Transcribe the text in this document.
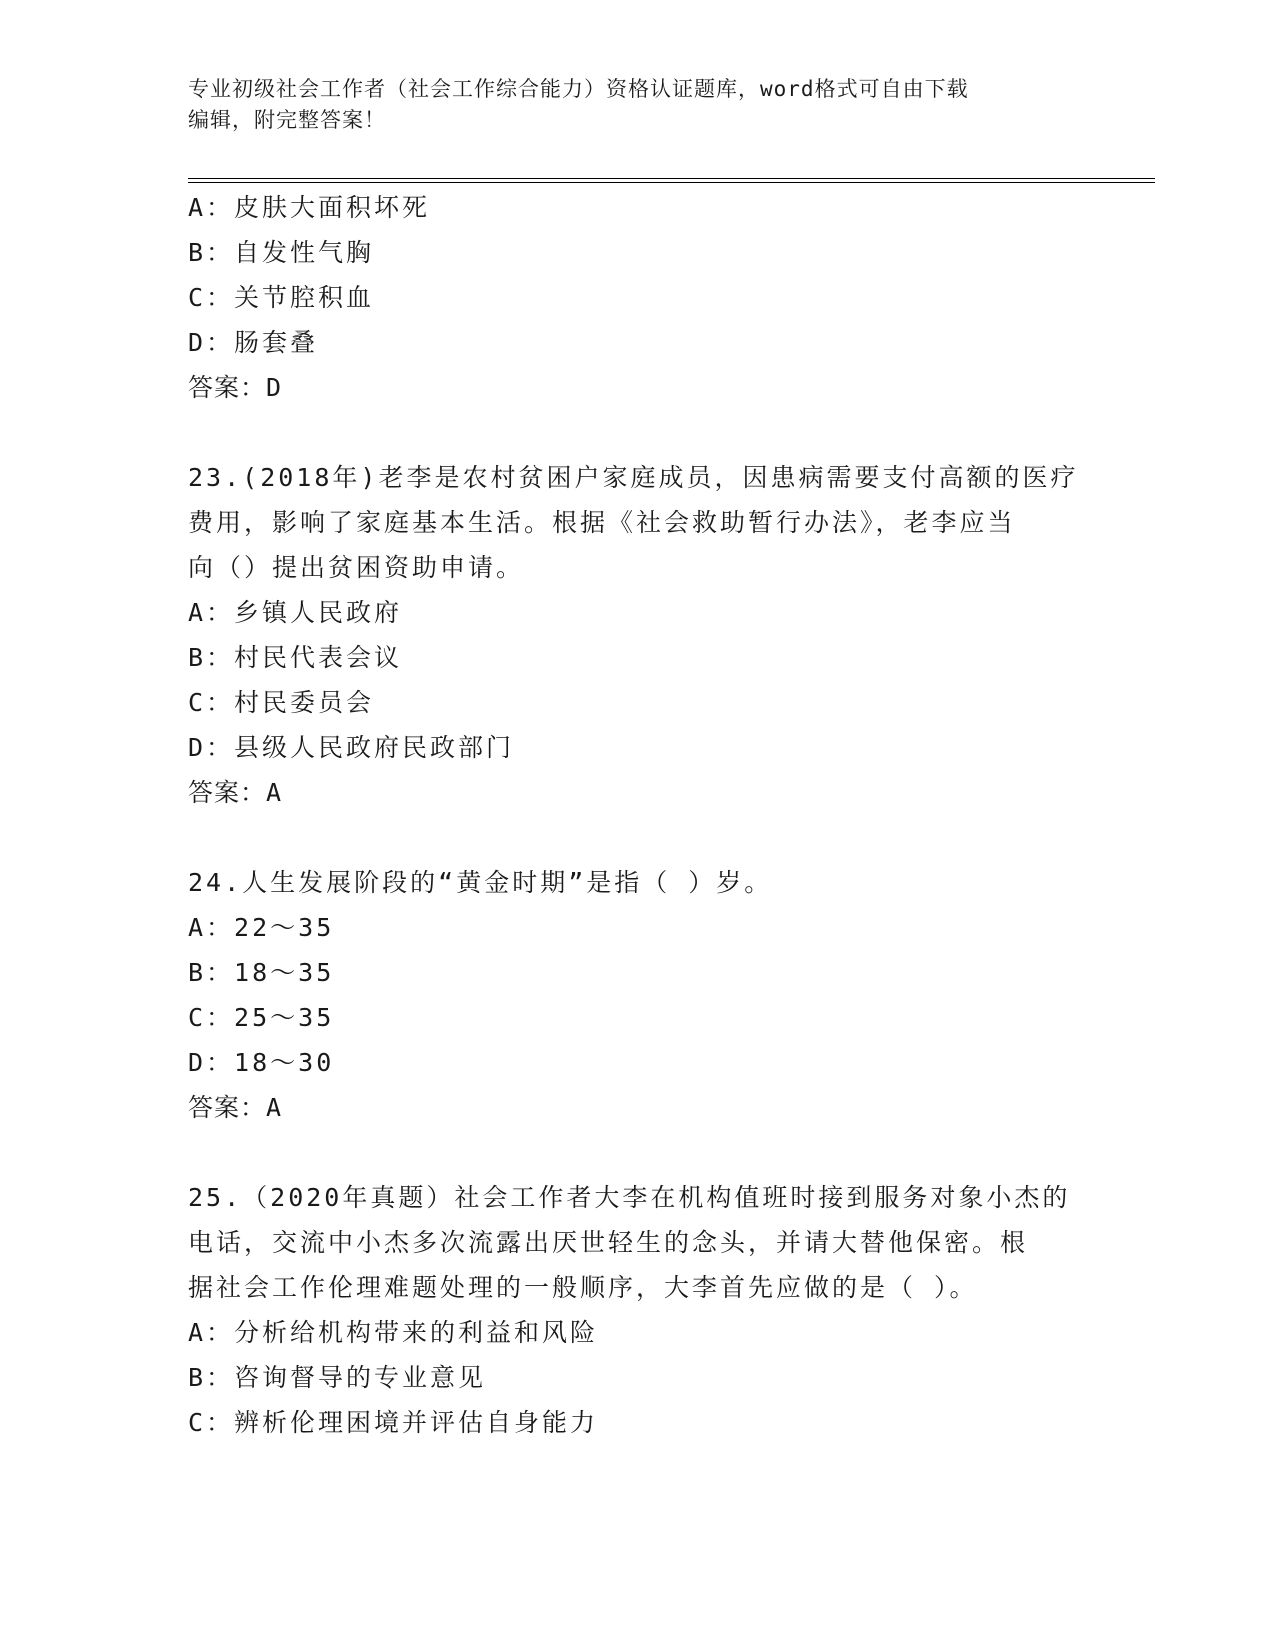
专业初级社会工作者（社会工作综合能力）资格认证题库，word格式可自由下载
编辑，附完整答案！
A：皮肤大面积坏死
B：自发性气胸
C：关节腔积血
D：肠套叠
答案：D
23.(2018年)老李是农村贫困户家庭成员，因患病需要支付高额的医疗
费用，影响了家庭基本生活。根据《社会救助暂行办法》，老李应当
向（）提出贫困资助申请。
A：乡镇人民政府
B：村民代表会议
C：村民委员会
D：县级人民政府民政部门
答案：A
24.人生发展阶段的“黄金时期”是指（ ）岁。
A：22～35
B：18～35
C：25～35
D：18～30
答案：A
25.（2020年真题）社会工作者大李在机构值班时接到服务对象小杰的
电话，交流中小杰多次流露出厌世轻生的念头，并请大替他保密。根
据社会工作伦理难题处理的一般顺序，大李首先应做的是（ ）。
A：分析给机构带来的利益和风险
B：咨询督导的专业意见
C：辨析伦理困境并评估自身能力
